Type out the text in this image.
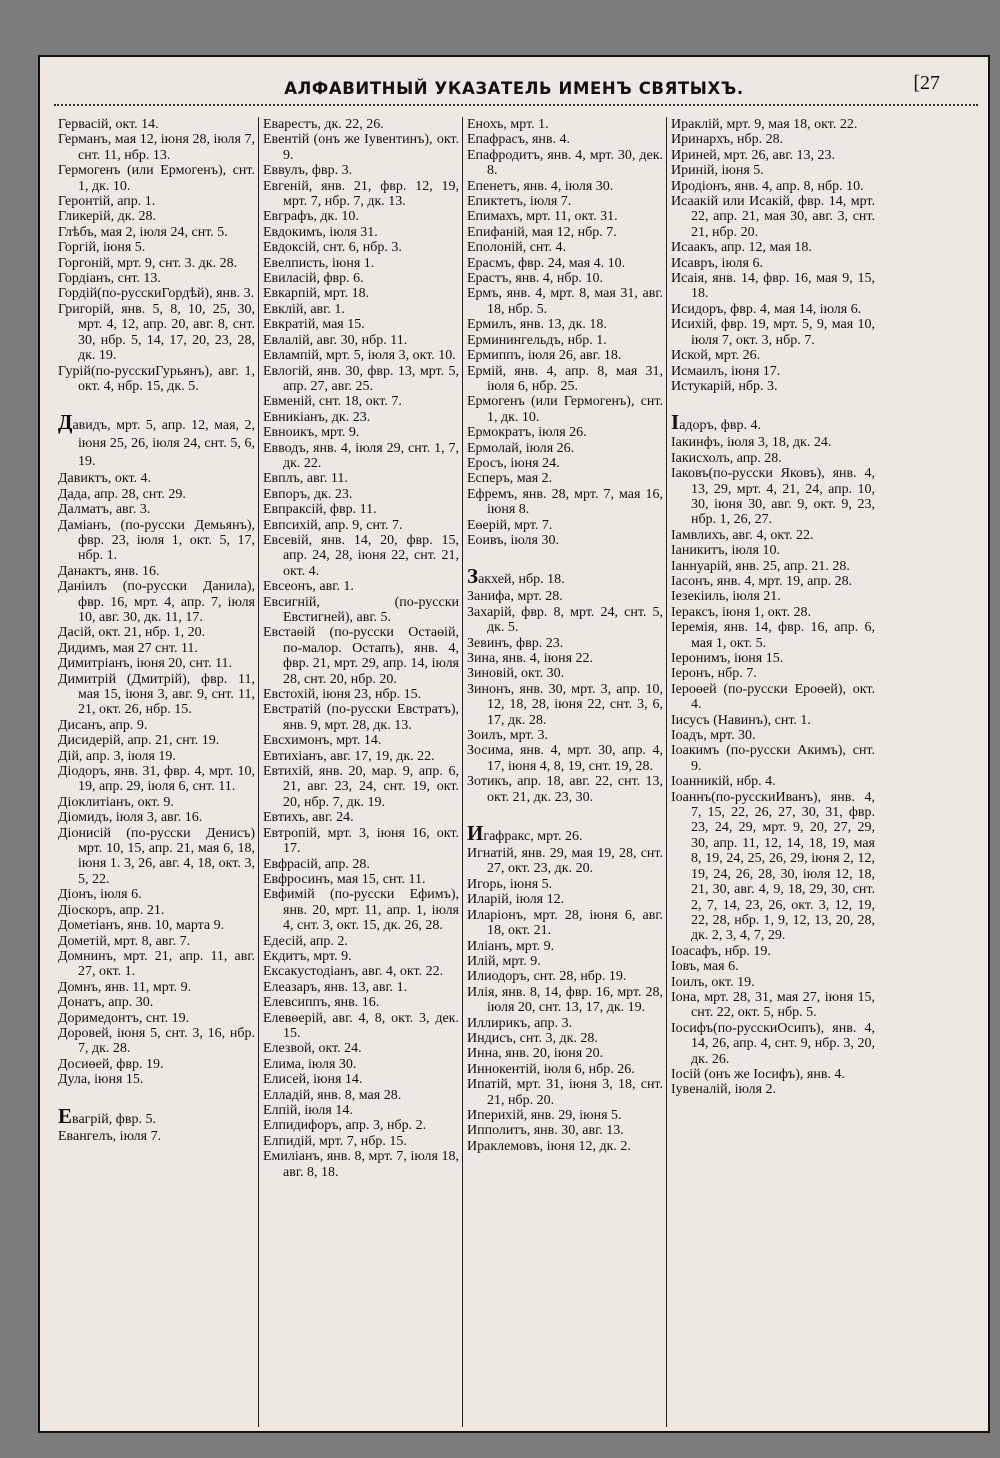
АЛФАВИТНЫЙ УКАЗАТЕЛЬ ИМЕНЪ СВЯТЫХЪ.	[27
Гервасій, окт. 14.
Германъ, мая 12, іюня 28, іюля 7, снт. 11, нбр. 13.
Гермогенъ (или Ермогенъ), снт. 1, дк. 10.
Геронтій, апр. 1.
Гликерій, дк. 28.
Глѣбъ, мая 2, іюля 24, снт. 5.
Горгій, іюня 5.
Горгоній, мрт. 9, снт. 3. дк. 28.
Гордіанъ, снт. 13.
Гордій(по-русскиГордѣй), янв. 3.
Григорій, янв. 5, 8, 10, 25, 30, мрт. 4, 12, апр. 20, авг. 8, снт. 30, нбр. 5, 14, 17, 20, 23, 28, дк. 19.
Гурій(по-русскиГурьянъ), авг. 1, окт. 4, нбр. 15, дк. 5.
Давидъ, мрт. 5, апр. 12, мая, 2, іюня 25, 26, іюля 24, снт. 5, 6, 19.
Давиктъ, окт. 4.
Дада, апр. 28, снт. 29.
Далматъ, авг. 3.
Даміанъ, (по-русски Демьянъ), фвр. 23, іюля 1, окт. 5, 17, нбр. 1.
Данактъ, янв. 16.
Даніилъ (по-русски Данила), фвр. 16, мрт. 4, апр. 7, іюля 10, авг. 30, дк. 11, 17.
Дасій, окт. 21, нбр. 1, 20.
Дидимъ, мая 27 снт. 11.
Димитріанъ, іюня 20, снт. 11.
Димитрій (Дмитрій), фвр. 11, мая 15, іюня 3, авг. 9, снт. 11, 21, окт. 26, нбр. 15.
Дисанъ, апр. 9.
Дисидерій, апр. 21, снт. 19.
Дій, апр. 3, іюля 19.
Діодоръ, янв. 31, фвр. 4, мрт. 10, 19, апр. 29, іюля 6, снт. 11.
Діоклитіанъ, окт. 9.
Діомидъ, іюля 3, авг. 16.
Діонисій (по-русски Денисъ) мрт. 10, 15, апр. 21, мая 6, 18, іюня 1. 3, 26, авг. 4, 18, окт. 3, 5, 22.
Діонъ, іюля 6.
Діоскоръ, апр. 21.
Дометіанъ, янв. 10, марта 9.
Дометій, мрт. 8, авг. 7.
Домнинъ, мрт. 21, апр. 11, авг. 27, окт. 1.
Домнъ, янв. 11, мрт. 9.
Донатъ, апр. 30.
Доримедонтъ, снт. 19.
Доровей, іюня 5, снт. 3, 16, нбр. 7, дк. 28.
Досиѳей, фвр. 19.
Дула, іюня 15.
Евагрій, фвр. 5.
Евангелъ, іюля 7.
Еварестъ, дк. 22, 26.
Евентій (онъ же Іувентинъ), окт. 9.
Еввулъ, фвр. 3.
Евгеній, янв. 21, фвр. 12, 19, мрт. 7, нбр. 7, дк. 13.
Евграфъ, дк. 10.
Евдокимъ, іюля 31.
Евдоксій, снт. 6, нбр. 3.
Евелписть, іюня 1.
Евиласій, фвр. 6.
Евкарпій, мрт. 18.
Евклій, авг. 1.
Евкратій, мая 15.
Евлалій, авг. 30, нбр. 11.
Евлампій, мрт. 5, іюля 3, окт. 10.
Евлогій, янв. 30, фвр. 13, мрт. 5, апр. 27, авг. 25.
Евменій, снт. 18, окт. 7.
Евникіанъ, дк. 23.
Евноикъ, мрт. 9.
Евводъ, янв. 4, іюля 29, снт. 1, 7, дк. 22.
Евплъ, авг. 11.
Евпоръ, дк. 23.
Евпраксій, фвр. 11.
Евпсихій, апр. 9, снт. 7.
Евсевій, янв. 14, 20, фвр. 15, апр. 24, 28, іюня 22, снт. 21, окт. 4.
Евсеонъ, авг. 1.
Евсигній, (по-русски Евстигней), авг. 5.
Евстаѳій (по-русски Остаѳій, по-малор. Остапъ), янв. 4, фвр. 21, мрт. 29, апр. 14, іюля 28, снт. 20, нбр. 20.
Евстохій, іюня 23, нбр. 15.
Евстратій (по-русски Евстратъ), янв. 9, мрт. 28, дк. 13.
Евсхимонъ, мрт. 14.
Евтихіанъ, авг. 17, 19, дк. 22.
Евтихій, янв. 20, мар. 9, апр. 6, 21, авг. 23, 24, снт. 19, окт. 20, нбр. 7, дк. 19.
Евтихъ, авг. 24.
Евтропій, мрт. 3, іюня 16, окт. 17.
Евфрасій, апр. 28.
Евфросинъ, мая 15, снт. 11.
Евфимій (по-русски Ефимъ), янв. 20, мрт. 11, апр. 1, іюля 4, снт. 3, окт. 15, дк. 26, 28.
Едесій, апр. 2.
Екдитъ, мрт. 9.
Ексакустодіанъ, авг. 4, окт. 22.
Елеазаръ, янв. 13, авг. 1.
Елевсиппъ, янв. 16.
Елевѳерій, авг. 4, 8, окт. 3, дек. 15.
Елезвой, окт. 24.
Елима, іюля 30.
Елисей, іюня 14.
Елладій, янв. 8, мая 28.
Елпій, іюля 14.
Елпидифоръ, апр. 3, нбр. 2.
Елпидій, мрт. 7, нбр. 15.
Емиліанъ, янв. 8, мрт. 7, іюля 18, авг. 8, 18.
Енохъ, мрт. 1.
Епафрасъ, янв. 4.
Епафродитъ, янв. 4, мрт. 30, дек. 8.
Епенетъ, янв. 4, іюля 30.
Епиктетъ, іюля 7.
Епимахъ, мрт. 11, окт. 31.
Епифаній, мая 12, нбр. 7.
Еполоній, снт. 4.
Ерасмъ, фвр. 24, мая 4. 10.
Ерастъ, янв. 4, нбр. 10.
Ермъ, янв. 4, мрт. 8, мая 31, авг. 18, нбр. 5.
Ермилъ, янв. 13, дк. 18.
Ерминингельдъ, нбр. 1.
Ермиппъ, іюля 26, авг. 18.
Ермій, янв. 4, апр. 8, мая 31, іюля 6, нбр. 25.
Ермогенъ (или Гермогенъ), снт. 1, дк. 10.
Ермократъ, іюля 26.
Ермолай, іюля 26.
Еросъ, іюня 24.
Есперъ, мая 2.
Ефремъ, янв. 28, мрт. 7, мая 16, іюня 8.
Еѳерій, мрт. 7.
Еоивъ, іюля 30.
Закхей, нбр. 18.
Занифа, мрт. 28.
Захарій, фвр. 8, мрт. 24, снт. 5, дк. 5.
Зевинъ, фвр. 23.
Зина, янв. 4, іюня 22.
Зиновій, окт. 30.
Зинонъ, янв. 30, мрт. 3, апр. 10, 12, 18, 28, іюня 22, снт. 3, 6, 17, дк. 28.
Зоилъ, мрт. 3.
Зосима, янв. 4, мрт. 30, апр. 4, 17, іюня 4, 8, 19, снт. 19, 28.
Зотикъ, апр. 18, авг. 22, снт. 13, окт. 21, дк. 23, 30.
Игафракс, мрт. 26.
Игнатій, янв. 29, мая 19, 28, снт. 27, окт. 23, дк. 20.
Игорь, іюня 5.
Иларій, іюля 12.
Иларіонъ, мрт. 28, іюня 6, авг. 18, окт. 21.
Иліанъ, мрт. 9.
Илій, мрт. 9.
Илиодоръ, снт. 28, нбр. 19.
Илія, янв. 8, 14, фвр. 16, мрт. 28, іюля 20, снт. 13, 17, дк. 19.
Иллирикъ, апр. 3.
Индисъ, снт. 3, дк. 28.
Инна, янв. 20, іюня 20.
Иннокентій, іюля 6, нбр. 26.
Ипатій, мрт. 31, іюня 3, 18, снт. 21, нбр. 20.
Иперихій, янв. 29, іюня 5.
Ипполитъ, янв. 30, авг. 13.
Ираклемовъ, іюня 12, дк. 2.
Ираклій, мрт. 9, мая 18, окт. 22.
Иринархъ, нбр. 28.
Ириней, мрт. 26, авг. 13, 23.
Ириній, іюня 5.
Иродіонъ, янв. 4, апр. 8, нбр. 10.
Исаакій или Исакій, фвр. 14, мрт. 22, апр. 21, мая 30, авг. 3, снт. 21, нбр. 20.
Исаакъ, апр. 12, мая 18.
Исавръ, іюля 6.
Исаія, янв. 14, фвр. 16, мая 9, 15, 18.
Исидоръ, фвр. 4, мая 14, іюля 6.
Исихій, фвр. 19, мрт. 5, 9, мая 10, іюля 7, окт. 3, нбр. 7.
Иской, мрт. 26.
Исмаилъ, іюня 17.
Истукарій, нбр. 3.
Іадоръ, фвр. 4.
Іакинфъ, іюля 3, 18, дк. 24.
Іакисхолъ, апр. 28.
Іаковъ(по-русски Яковъ), янв. 4, 13, 29, мрт. 4, 21, 24, апр. 10, 30, іюня 30, авг. 9, окт. 9, 23, нбр. 1, 26, 27.
Іамвлихъ, авг. 4, окт. 22.
Іаникитъ, іюля 10.
Іаннуарій, янв. 25, апр. 21. 28.
Іасонъ, янв. 4, мрт. 19, апр. 28.
Іезекіиль, іюля 21.
Іераксъ, іюня 1, окт. 28.
Іеремія, янв. 14, фвр. 16, апр. 6, мая 1, окт. 5.
Іеронимъ, іюня 15.
Іеронъ, нбр. 7.
Іероѳей (по-русски Ероѳей), окт. 4.
Іисусъ (Навинъ), снт. 1.
Іоадъ, мрт. 30.
Іоакимъ (по-русски Акимъ), снт. 9.
Іоанникій, нбр. 4.
Іоаннъ(по-русскиИванъ), янв. 4, 7, 15, 22, 26, 27, 30, 31, фвр. 23, 24, 29, мрт. 9, 20, 27, 29, 30, апр. 11, 12, 14, 18, 19, мая 8, 19, 24, 25, 26, 29, іюня 2, 12, 19, 24, 26, 28, 30, іюля 12, 18, 21, 30, авг. 4, 9, 18, 29, 30, снт. 2, 7, 14, 23, 26, окт. 3, 12, 19, 22, 28, нбр. 1, 9, 12, 13, 20, 28, дк. 2, 3, 4, 7, 29.
Іоасафъ, нбр. 19.
Іовъ, мая 6.
Іоилъ, окт. 19.
Іона, мрт. 28, 31, мая 27, іюня 15, снт. 22, окт. 5, нбр. 5.
Іосифъ(по-русскиОсипъ), янв. 4, 14, 26, апр. 4, снт. 9, нбр. 3, 20, дк. 26.
Іосій (онъ же Іосифъ), янв. 4.
Іувеналій, іюля 2.
